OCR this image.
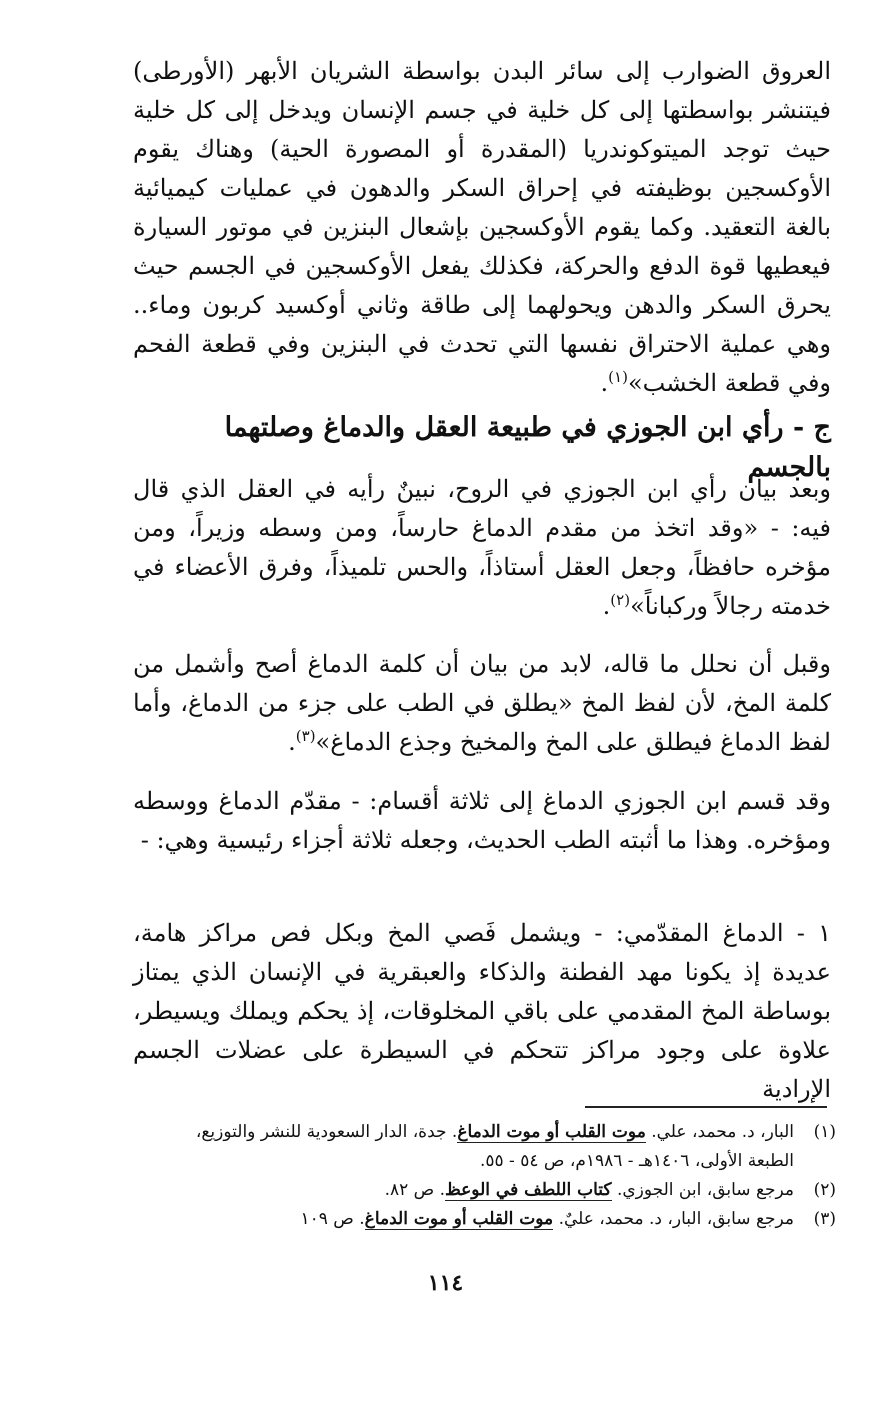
العروق الضوارب إلى سائر البدن بواسطة الشريان الأبهر (الأورطى) فيتنشر بواسطتها إلى كل خلية في جسم الإنسان ويدخل إلى كل خلية حيث توجد الميتوكوندريا (المقدرة أو المصورة الحية) وهناك يقوم الأوكسجين بوظيفته في إحراق السكر والدهون في عمليات كيميائية بالغة التعقيد. وكما يقوم الأوكسجين بإشعال البنزين في موتور السيارة فيعطيها قوة الدفع والحركة، فكذلك يفعل الأوكسجين في الجسم حيث يحرق السكر والدهن ويحولهما إلى طاقة وثاني أوكسيد كربون وماء.. وهي عملية الاحتراق نفسها التي تحدث في البنزين وفي قطعة الفحم وفي قطعة الخشب»$^{(١)}$.

ج - رأي ابن الجوزي في طبيعة العقل والدماغ وصلتهما بالجسم

وبعد بيان رأي ابن الجوزي في الروح، نبينٌ رأيه في العقل الذي قال فيه: - «وقد اتخذ من مقدم الدماغ حارساً، ومن وسطه وزيراً، ومن مؤخره حافظاً، وجعل العقل أستاذاً، والحس تلميذاً، وفرق الأعضاء في خدمته رجالاً وركباناً»$^{(٢)}$.

وقبل أن نحلل ما قاله، لابد من بيان أن كلمة الدماغ أصح وأشمل من كلمة المخ، لأن لفظ المخ «يطلق في الطب على جزء من الدماغ، وأما لفظ الدماغ فيطلق على المخ والمخيخ وجذع الدماغ»$^{(٣)}$.

وقد قسم ابن الجوزي الدماغ إلى ثلاثة أقسام: - مقدّم الدماغ ووسطه ومؤخره. وهذا ما أثبته الطب الحديث، وجعله ثلاثة أجزاء رئيسية وهي: -

١ - الدماغ المقدّمي: - ويشمل فَصي المخ وبكل فص مراكز هامة، عديدة إذ يكونا مهد الفطنة والذكاء والعبقرية في الإنسان الذي يمتاز بوساطة المخ المقدمي على باقي المخلوقات، إذ يحكم ويملك ويسيطر، علاوة على وجود مراكز تتحكم في السيطرة على عضلات الجسم الإرادية

(١)
البار، د. محمد، علي. موت القلب أو موت الدماغ. جدة، الدار السعودية للنشر والتوزيع، الطبعة الأولى، ١٤٠٦هـ - ١٩٨٦م، ص ٥٤ - ٥٥.

(٢)
مرجع سابق، ابن الجوزي. كتاب اللطف في الوعظ. ص ٨٢.

(٣)
مرجع سابق، البار، د. محمد، عليٌ. موت القلب أو موت الدماغ. ص ١٠٩

١١٤
